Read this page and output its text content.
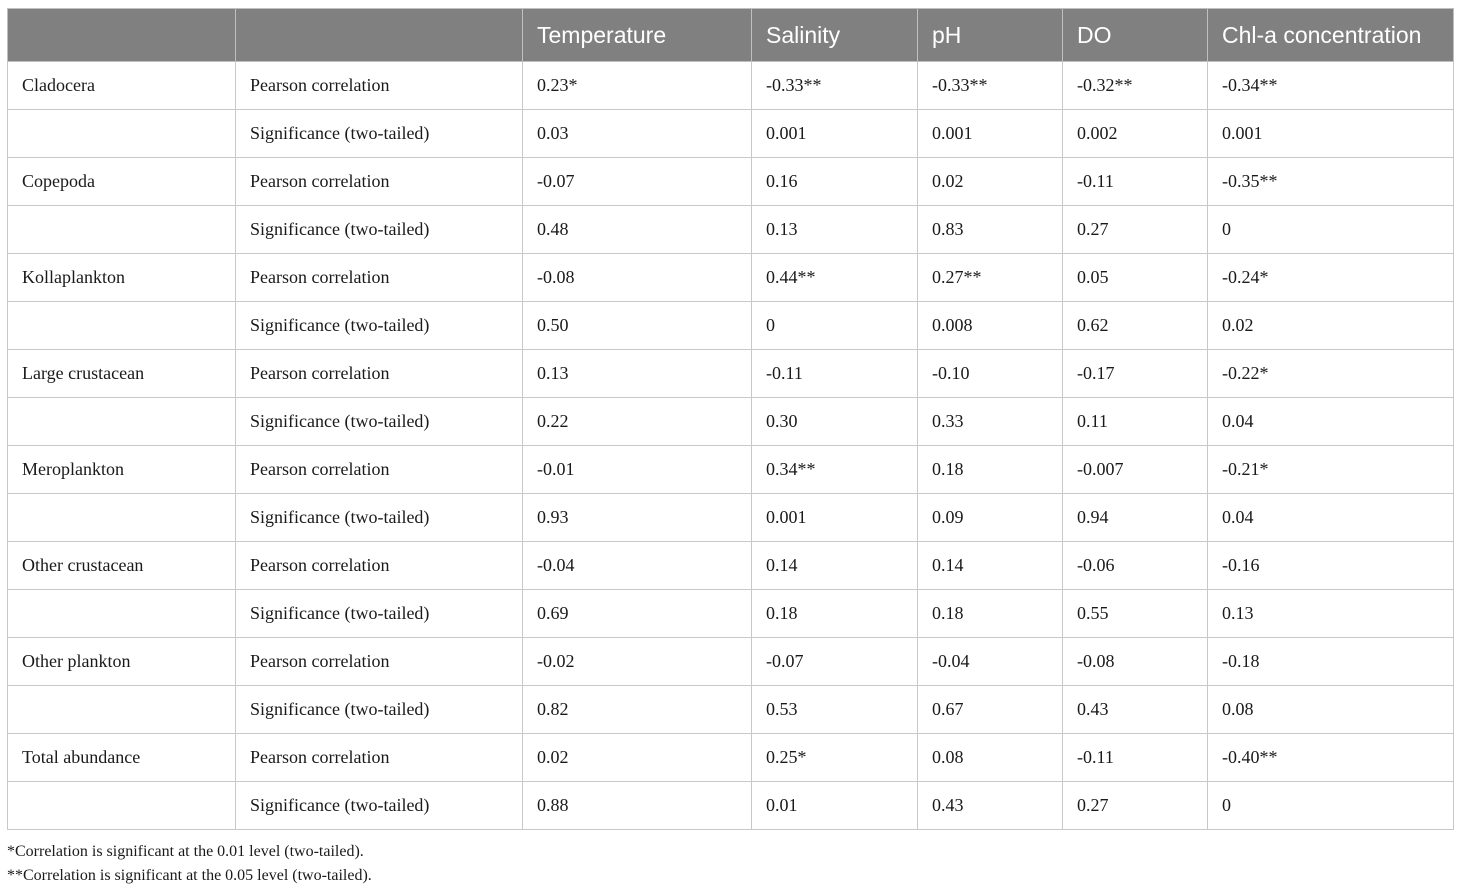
		Temperature	Salinity	pH	DO	Chl-a concentration
Cladocera	Pearson correlation	0.23*	-0.33**	-0.33**	-0.32**	-0.34**
	Significance (two-tailed)	0.03	0.001	0.001	0.002	0.001
Copepoda	Pearson correlation	-0.07	0.16	0.02	-0.11	-0.35**
	Significance (two-tailed)	0.48	0.13	0.83	0.27	0
Kollaplankton	Pearson correlation	-0.08	0.44**	0.27**	0.05	-0.24*
	Significance (two-tailed)	0.50	0	0.008	0.62	0.02
Large crustacean	Pearson correlation	0.13	-0.11	-0.10	-0.17	-0.22*
	Significance (two-tailed)	0.22	0.30	0.33	0.11	0.04
Meroplankton	Pearson correlation	-0.01	0.34**	0.18	-0.007	-0.21*
	Significance (two-tailed)	0.93	0.001	0.09	0.94	0.04
Other crustacean	Pearson correlation	-0.04	0.14	0.14	-0.06	-0.16
	Significance (two-tailed)	0.69	0.18	0.18	0.55	0.13
Other plankton	Pearson correlation	-0.02	-0.07	-0.04	-0.08	-0.18
	Significance (two-tailed)	0.82	0.53	0.67	0.43	0.08
Total abundance	Pearson correlation	0.02	0.25*	0.08	-0.11	-0.40**
	Significance (two-tailed)	0.88	0.01	0.43	0.27	0
*Correlation is significant at the 0.01 level (two-tailed).
**Correlation is significant at the 0.05 level (two-tailed).
